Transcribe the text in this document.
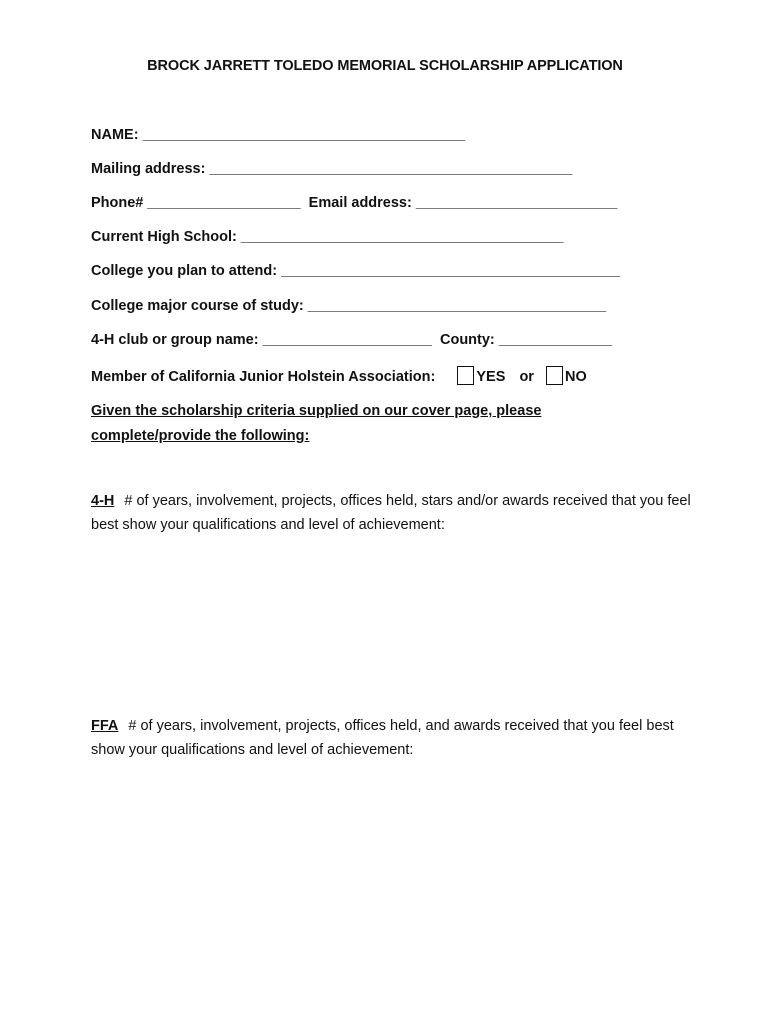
BROCK JARRETT TOLEDO MEMORIAL SCHOLARSHIP APPLICATION
NAME: ________________________________________
Mailing address: _____________________________________________
Phone# ___________________ Email address: _________________________
Current High School: ________________________________________
College you plan to attend: __________________________________________
College major course of study: _____________________________________
4-H club or group name: _____________________ County: ______________
Member of California Junior Holstein Association:	YES or NO
Given the scholarship criteria supplied on our cover page, please complete/provide the following:
4-H # of years, involvement, projects, offices held, stars and/or awards received that you feel best show your qualifications and level of achievement:
FFA # of years, involvement, projects, offices held, and awards received that you feel best show your qualifications and level of achievement:
